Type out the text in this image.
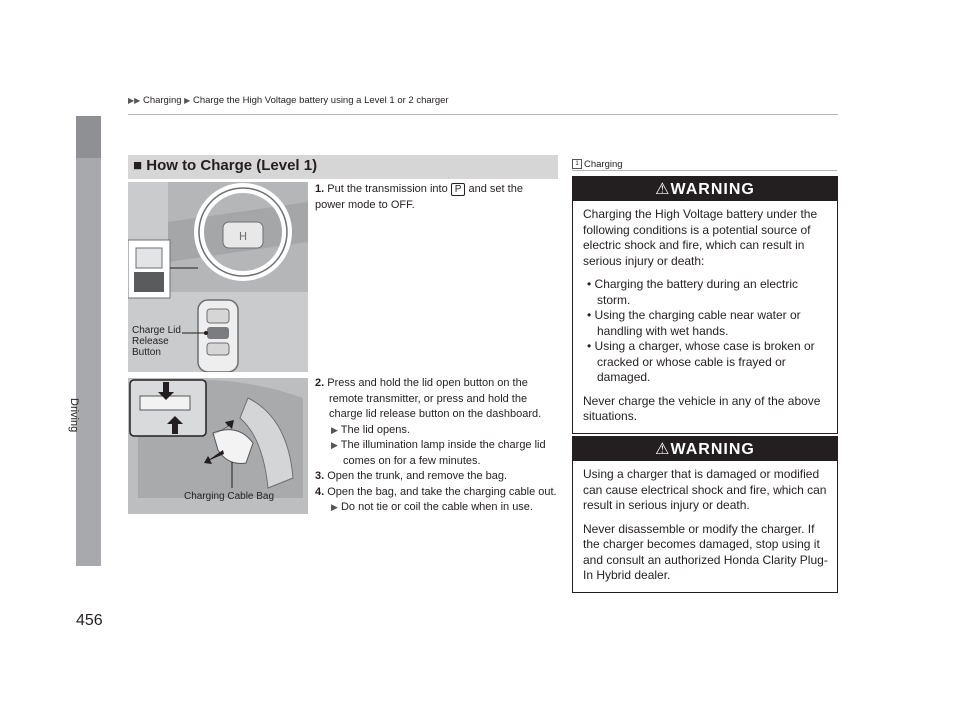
▶▶ Charging ▶ Charge the High Voltage battery using a Level 1 or 2 charger
Driving
■ How to Charge (Level 1)
H
Charge Lid
Release
Button
Charging Cable Bag
1. Put the transmission into P and set the power mode to OFF.
2. Press and hold the lid open button on the remote transmitter, or press and hold the charge lid release button on the dashboard.
▶ The lid opens.
▶ The illumination lamp inside the charge lid comes on for a few minutes.
3. Open the trunk, and remove the bag.
4. Open the bag, and take the charging cable out.
▶ Do not tie or coil the cable when in use.
1 Charging
⚠WARNING

Charging the High Voltage battery under the following conditions is a potential source of electric shock and fire, which can result in serious injury or death:

• Charging the battery during an electric storm.
• Using the charging cable near water or handling with wet hands.
• Using a charger, whose case is broken or cracked or whose cable is frayed or damaged.

Never charge the vehicle in any of the above situations.

⚠WARNING

Using a charger that is damaged or modified can cause electrical shock and fire, which can result in serious injury or death.

Never disassemble or modify the charger. If the charger becomes damaged, stop using it and consult an authorized Honda Clarity Plug-In Hybrid dealer.

456
